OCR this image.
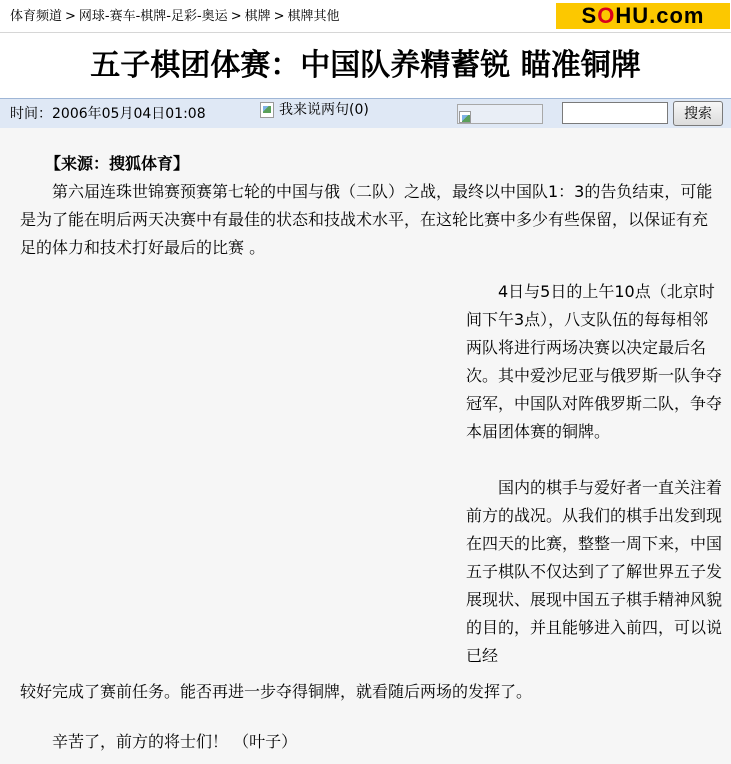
体育频道 > 网球-赛车-棋牌-足彩-奥运 > 棋牌 > 棋牌其他	SOHU.com
五子棋团体赛：中国队养精蓄锐 瞄准铜牌
时间：2006年05月04日01:08	我来说两句(0)	搜索
【来源：搜狐体育】

　　第六届连珠世锦赛预赛第七轮的中国与俄（二队）之战，最终以中国队1：3的告负结束，可能是为了能在明后两天决赛中有最佳的状态和技战术水平，在这轮比赛中多少有些保留，以保证有充足的体力和技术打好最后的比赛 。

　　4日与5日的上午10点（北京时间下午3点），八支队伍的每每相邻两队将进行两场决赛以决定最后名次。其中爱沙尼亚与俄罗斯一队争夺冠军，中国队对阵俄罗斯二队，争夺本届团体赛的铜牌。

　　国内的棋手与爱好者一直关注着前方的战况。从我们的棋手出发到现在四天的比赛，整整一周下来，中国五子棋队不仅达到了了解世界五子发展现状、展现中国五子棋手精神风貌的目的，并且能够进入前四，可以说已经

较好完成了赛前任务。能否再进一步夺得铜牌，就看随后两场的发挥了。

辛苦了，前方的将士们！ （叶子）
